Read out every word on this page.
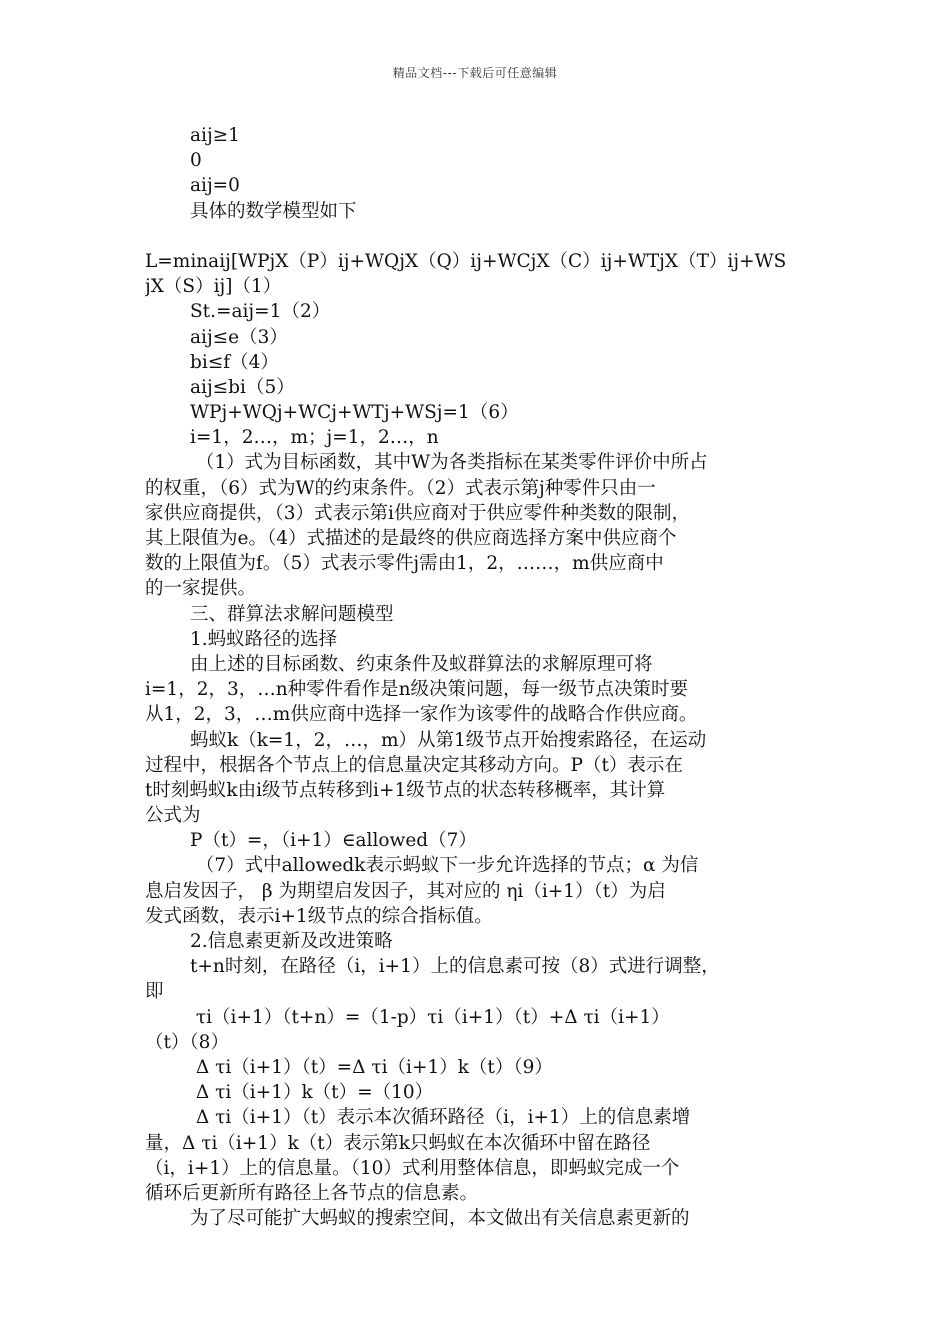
精品文档---下载后可任意编辑
aij≥1
0
aij=0
具体的数学模型如下
L=minaij[WPjX（P）ij+WQjX（Q）ij+WCjX（C）ij+WTjX（T）ij+WS
jX（S）ij]（1）
St.=aij=1（2）
aij≤e（3）
bi≤f（4）
aij≤bi（5）
WPj+WQj+WCj+WTj+WSj=1（6）
i=1，2…，m；j=1，2…，n
（1）式为目标函数，其中W为各类指标在某类零件评价中所占
的权重，（6）式为W的约束条件。（2）式表示第j种零件只由一
家供应商提供，（3）式表示第i供应商对于供应零件种类数的限制，
其上限值为e。（4）式描述的是最终的供应商选择方案中供应商个
数的上限值为f。（5）式表示零件j需由1，2，……，m供应商中
的一家提供。
三、群算法求解问题模型
1.蚂蚁路径的选择
由上述的目标函数、约束条件及蚁群算法的求解原理可将
i=1，2，3，…n种零件看作是n级决策问题，每一级节点决策时要
从1，2，3，…m供应商中选择一家作为该零件的战略合作供应商。
蚂蚁k（k=1，2，…，m）从第1级节点开始搜索路径，在运动
过程中，根据各个节点上的信息量决定其移动方向。P（t）表示在
t时刻蚂蚁k由i级节点转移到i+1级节点的状态转移概率，其计算
公式为
P（t）=，（i+1）∈allowed（7）
（7）式中allowedk表示蚂蚁下一步允许选择的节点；α 为信
息启发因子， β 为期望启发因子，其对应的 ηi（i+1）（t）为启
发式函数，表示i+1级节点的综合指标值。
2.信息素更新及改进策略
t+n时刻，在路径（i，i+1）上的信息素可按（8）式进行调整，
即
τi（i+1）（t+n）=（1-p）τi（i+1）（t）+Δ τi（i+1）
（t）（8）
Δ τi（i+1）（t）=Δ τi（i+1）k（t）（9）
Δ τi（i+1）k（t）=（10）
Δ τi（i+1）（t）表示本次循环路径（i，i+1）上的信息素增
量，Δ τi（i+1）k（t）表示第k只蚂蚁在本次循环中留在路径
（i，i+1）上的信息量。（10）式利用整体信息，即蚂蚁完成一个
循环后更新所有路径上各节点的信息素。
为了尽可能扩大蚂蚁的搜索空间，本文做出有关信息素更新的
